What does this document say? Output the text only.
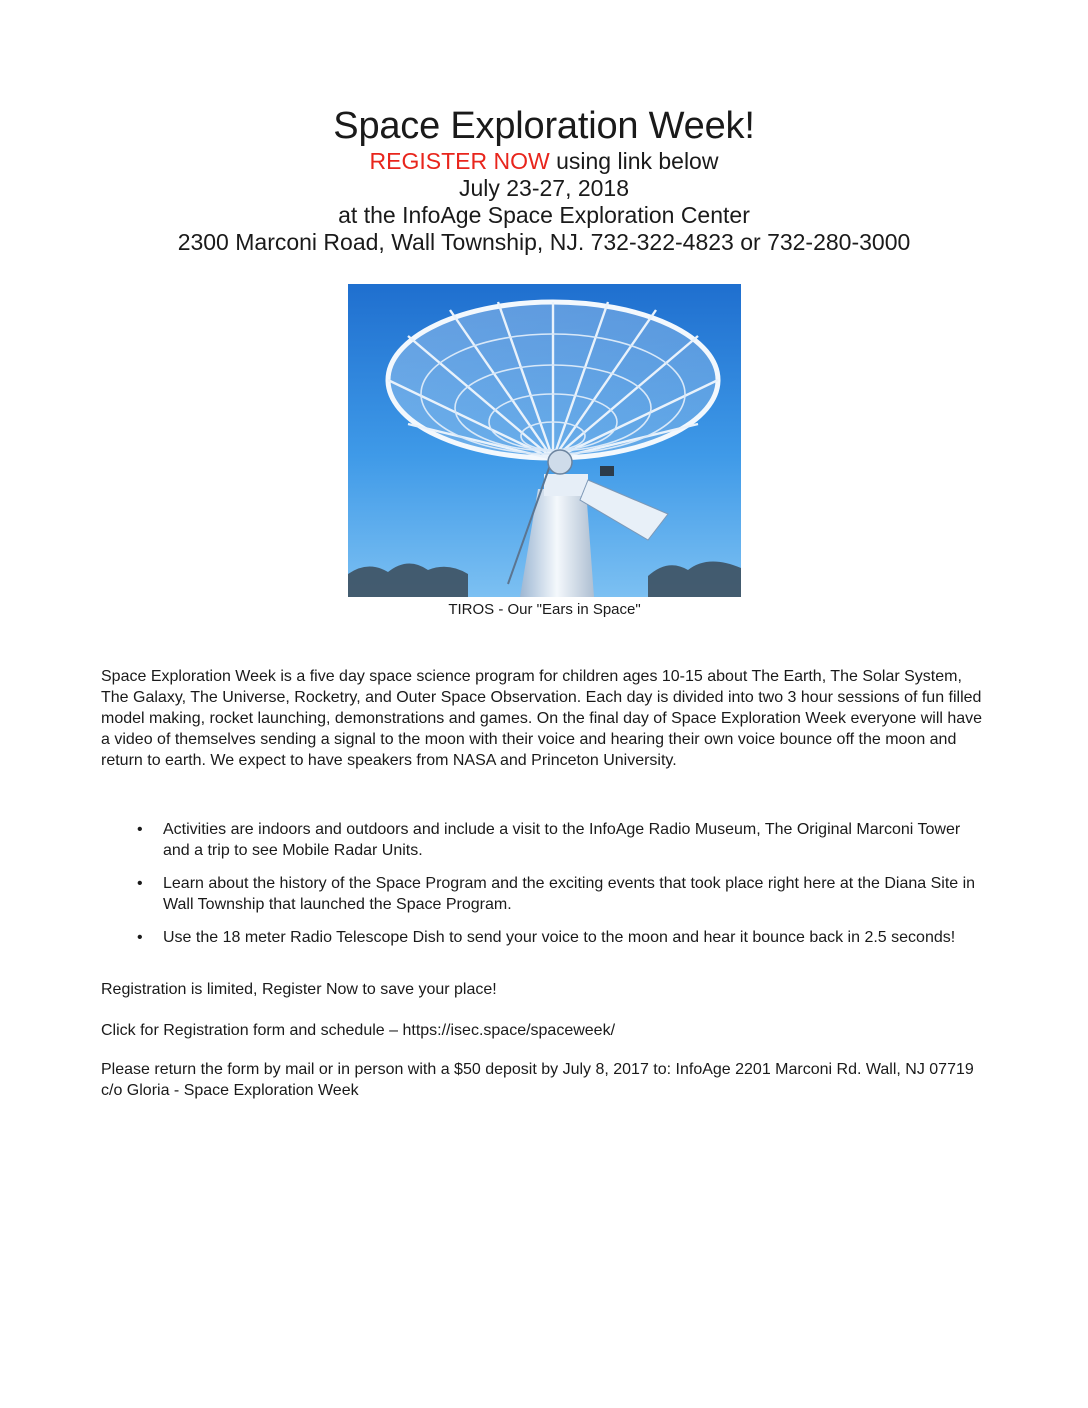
Space Exploration Week!

REGISTER NOW using link below

July 23-27, 2018

at the InfoAge Space Exploration Center

2300 Marconi Road, Wall Township, NJ. 732-322-4823 or 732-280-3000

TIROS - Our "Ears in Space"

Space Exploration Week is a five day space science program for children ages 10-15 about The Earth, The Solar System, The Galaxy, The Universe, Rocketry, and Outer Space Observation. Each day is divided into two 3 hour sessions of fun filled model making, rocket launching, demonstrations and games. On the final day of Space Exploration Week everyone will have a video of themselves sending a signal to the moon with their voice and hearing their own voice bounce off the moon and return to earth. We expect to have speakers from NASA and Princeton University.

• Activities are indoors and outdoors and include a visit to the InfoAge Radio Museum, The Original Marconi Tower and a trip to see Mobile Radar Units.
• Learn about the history of the Space Program and the exciting events that took place right here at the Diana Site in Wall Township that launched the Space Program.
• Use the 18 meter Radio Telescope Dish to send your voice to the moon and hear it bounce back in 2.5 seconds!

Registration is limited, Register Now to save your place!

Click for Registration form and schedule – https://isec.space/spaceweek/

Please return the form by mail or in person with a $50 deposit by July 8, 2017 to: InfoAge 2201 Marconi Rd. Wall, NJ 07719 c/o Gloria - Space Exploration Week
